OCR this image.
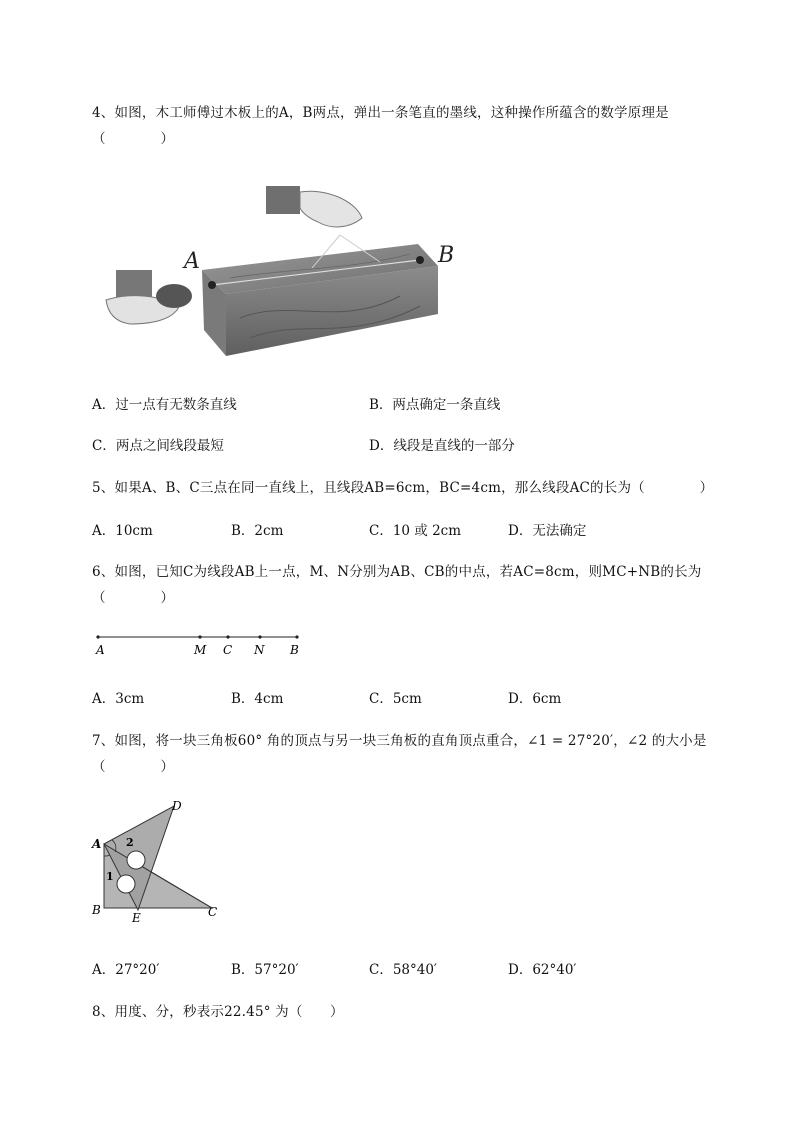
4、如图，木工师傅过木板上的A，B两点，弹出一条笔直的墨线，这种操作所蕴含的数学原理是
（　　　　）
A	B
A．过一点有无数条直线	B．两点确定一条直线
C．两点之间线段最短	D．线段是直线的一部分
5、如果A、B、C三点在同一直线上，且线段AB=6cm，BC=4cm，那么线段AC的长为（　　　　）
A．10cm	B．2cm	C．10 或 2cm	D．无法确定
6、如图，已知C为线段AB上一点，M、N分别为AB、CB的中点，若AC=8cm，则MC+NB的长为
（　　　　）
A	M C N B
A．3cm	B．4cm	C．5cm	D．6cm
7、如图，将一块三角板60° 角的顶点与另一块三角板的直角顶点重合，∠1 = 27°20′，∠2 的大小是
（　　　　）
A
B	C
D
E
1
2
A．27°20′	B．57°20′	C．58°40′	D．62°40′
8、用度、分，秒表示22.45° 为（　　）
